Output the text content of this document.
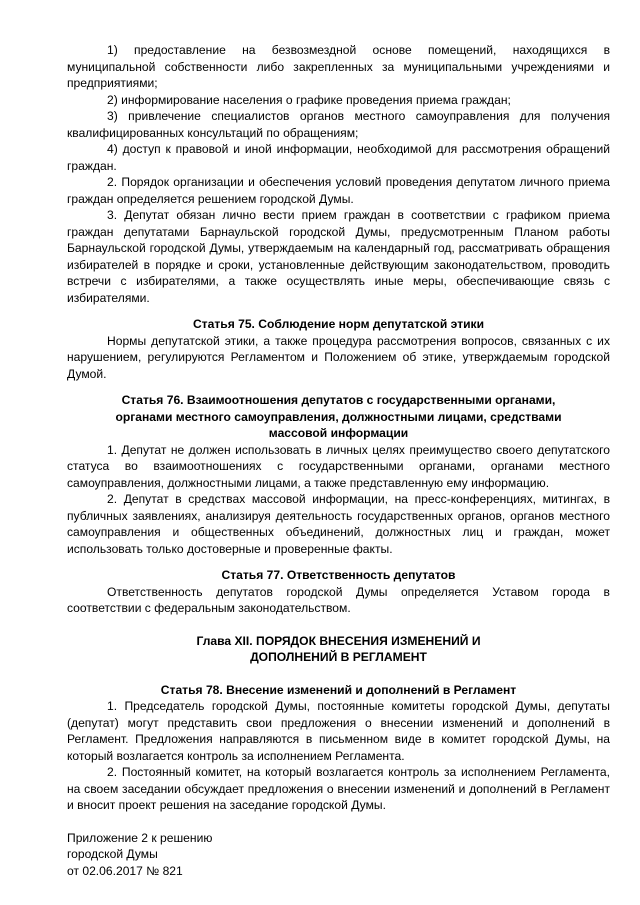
1) предоставление на безвозмездной основе помещений, находящихся в муниципальной собственности либо закрепленных за муниципальными учреждениями и предприятиями;

2) информирование населения о графике проведения приема граждан;

3) привлечение специалистов органов местного самоуправления для получения квалифицированных консультаций по обращениям;

4) доступ к правовой и иной информации, необходимой для рассмотрения обращений граждан.

2. Порядок организации и обеспечения условий проведения депутатом личного приема граждан определяется решением городской Думы.

3. Депутат обязан лично вести прием граждан в соответствии с графиком приема граждан депутатами Барнаульской городской Думы, предусмотренным Планом работы Барнаульской городской Думы, утверждаемым на календарный год, рассматривать обращения избирателей в порядке и сроки, установленные действующим законодательством, проводить встречи с избирателями, а также осуществлять иные меры, обеспечивающие связь с избирателями.

Статья 75. Соблюдение норм депутатской этики

Нормы депутатской этики, а также процедура рассмотрения вопросов, связанных с их нарушением, регулируются Регламентом и Положением об этике, утверждаемым городской Думой.

Статья 76. Взаимоотношения депутатов с государственными органами,

органами местного самоуправления, должностными лицами, средствами

массовой информации

1. Депутат не должен использовать в личных целях преимущество своего депутатского статуса во взаимоотношениях с государственными органами, органами местного самоуправления, должностными лицами, а также представленную ему информацию.

2. Депутат в средствах массовой информации, на пресс-конференциях, митингах, в публичных заявлениях, анализируя деятельность государственных органов, органов местного самоуправления и общественных объединений, должностных лиц и граждан, может использовать только достоверные и проверенные факты.

Статья 77. Ответственность депутатов

Ответственность депутатов городской Думы определяется Уставом города в соответствии с федеральным законодательством.

Глава XII. ПОРЯДОК ВНЕСЕНИЯ ИЗМЕНЕНИЙ И

ДОПОЛНЕНИЙ В РЕГЛАМЕНТ

Статья 78. Внесение изменений и дополнений в Регламент

1. Председатель городской Думы, постоянные комитеты городской Думы, депутаты (депутат) могут представить свои предложения о внесении изменений и дополнений в Регламент. Предложения направляются в письменном виде в комитет городской Думы, на который возлагается контроль за исполнением Регламента.

2. Постоянный комитет, на который возлагается контроль за исполнением Регламента, на своем заседании обсуждает предложения о внесении изменений и дополнений в Регламент и вносит проект решения на заседание городской Думы.

Приложение 2 к решению
городской Думы
от 02.06.2017 № 821
